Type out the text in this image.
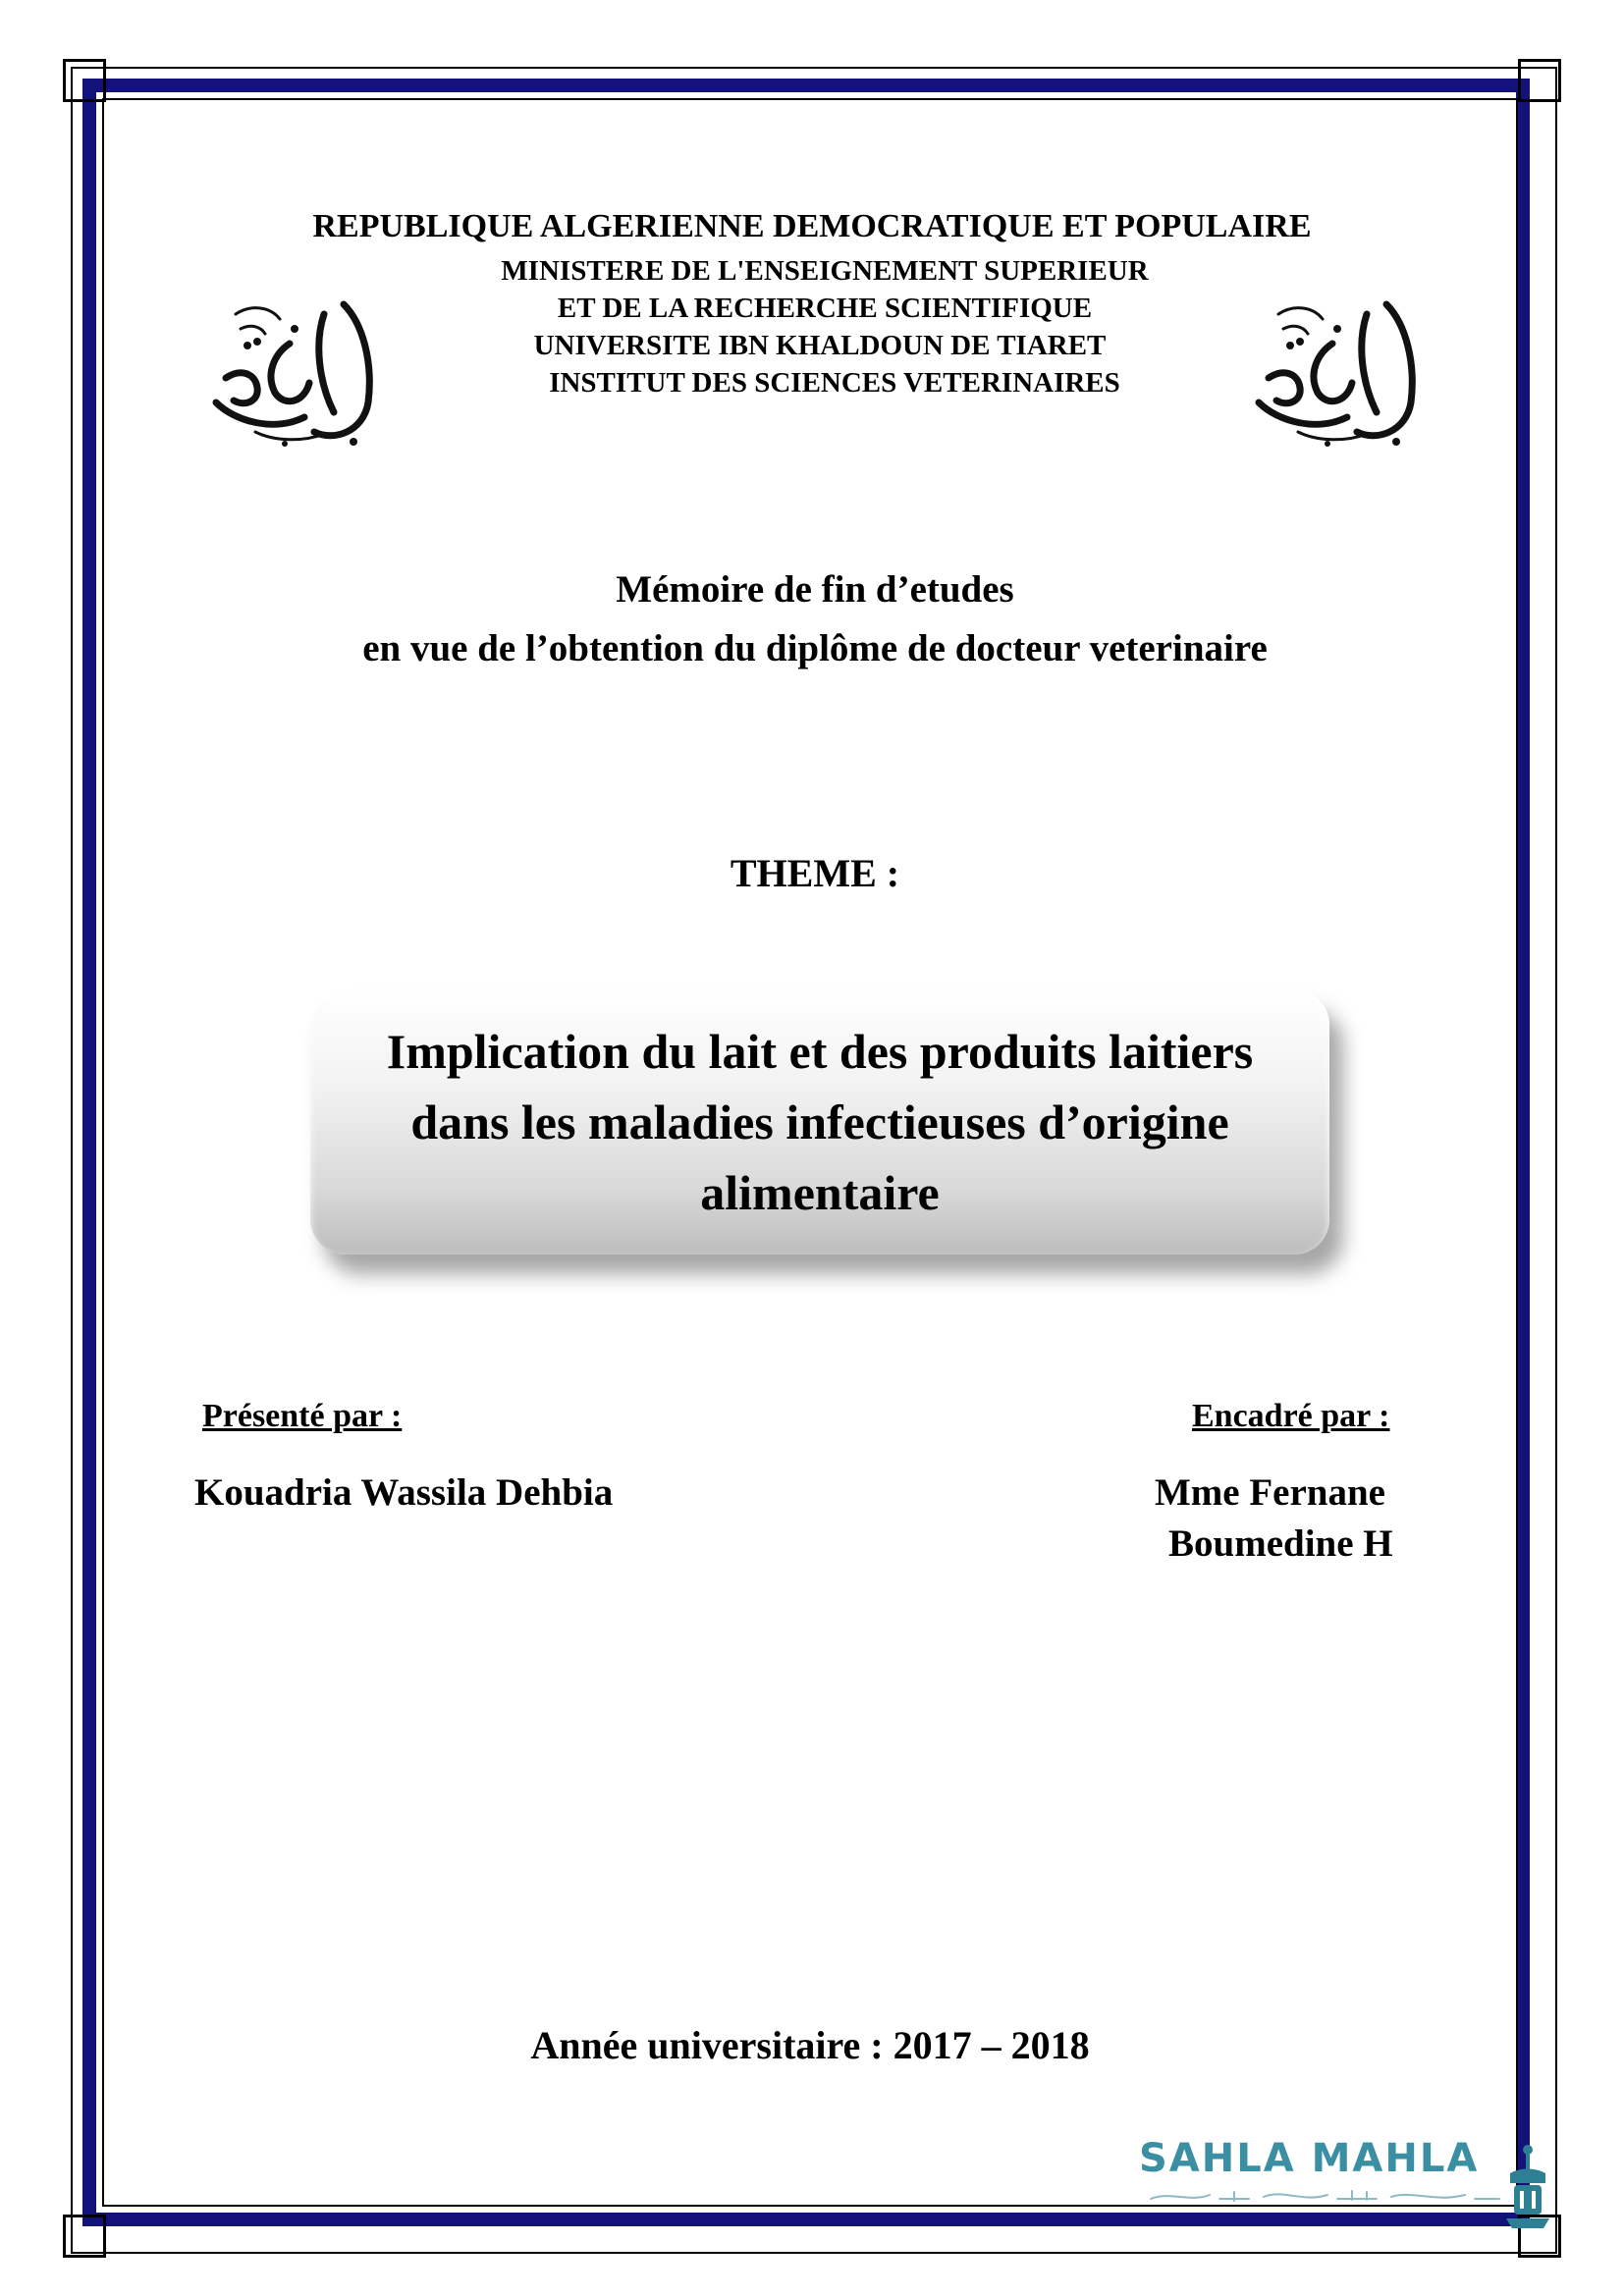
REPUBLIQUE ALGERIENNE DEMOCRATIQUE ET POPULAIRE
MINISTERE DE L'ENSEIGNEMENT SUPERIEUR
ET DE LA RECHERCHE SCIENTIFIQUE
UNIVERSITE IBN KHALDOUN DE TIARET
INSTITUT DES SCIENCES VETERINAIRES
Mémoire de fin d’etudes
en vue de l’obtention du diplôme de docteur veterinaire
THEME :
Implication du lait et des produits laitiers
dans les maladies infectieuses d’origine
alimentaire
Présenté par :	Encadré par :
Kouadria Wassila Dehbia	Mme Fernane
Boumedine H
Année universitaire : 2017 – 2018
SAHLA MAHLA
